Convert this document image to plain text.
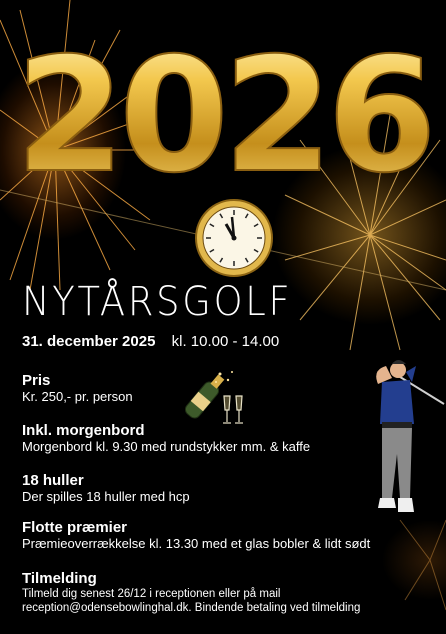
2026
NYTÅRSGOLF
31. december 2025 kl. 10.00 - 14.00
Pris
Kr. 250,- pr. person
Inkl. morgenbord
Morgenbord kl. 9.30 med rundstykker mm. & kaffe
18 huller
Der spilles 18 huller med hcp
Flotte præmier
Præmieoverrækkelse kl. 13.30 med et glas bobler & lidt sødt
Tilmelding
Tilmeld dig senest 26/12 i receptionen eller på mail
reception@odensebowlinghal.dk. Bindende betaling ved tilmelding
